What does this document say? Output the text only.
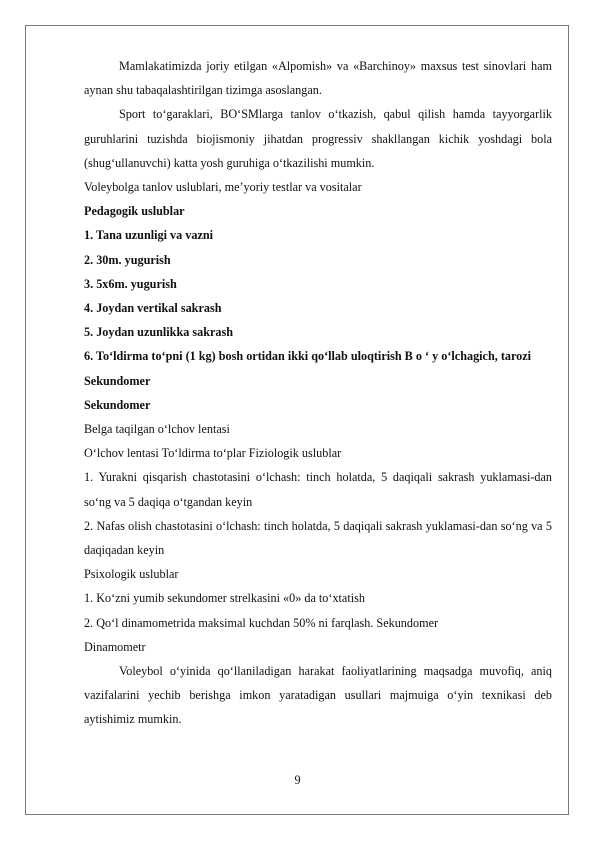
Mamlakatimizda joriy etilgan «Alpomish» va «Barchinoy» maxsus test sinovlari ham aynan shu tabaqalashtirilgan tizimga asoslangan.

Sport to‘garaklari, BO‘SMlarga tanlov o‘tkazish, qabul qilish hamda tayyorgarlik guruhlarini tuzishda biojismoniy jihatdan progressiv shakllangan kichik yoshdagi bola (shug‘ullanuvchi) katta yosh guruhiga o‘tkazilishi mumkin.

Voleybolga tanlov uslublari, me’yoriy testlar va vositalar

Pedagogik uslublar

1. Tana uzunligi va vazni

2. 30m. yugurish

3. 5x6m. yugurish

4. Joydan vertikal sakrash

5. Joydan uzunlikka sakrash

6. To‘ldirma to‘pni (1 kg) bosh ortidan ikki qo‘llab uloqtirish B o ‘ y o‘lchagich, tarozi

Sekundomer

Sekundomer

Belga taqilgan o‘lchov lentasi

O‘lchov lentasi To‘ldirma to‘plar Fiziologik uslublar

1. Yurakni qisqarish chastotasini o‘lchash: tinch holatda, 5 daqiqali sakrash yuklamasi-dan so‘ng va 5 daqiqa o‘tgandan keyin

2. Nafas olish chastotasini o‘lchash: tinch holatda, 5 daqiqali sakrash yuklamasi-dan so‘ng va 5 daqiqadan keyin

Psixologik uslublar

1. Ko‘zni yumib sekundomer strelkasini «0» da to‘xtatish

2. Qo‘l dinamometrida maksimal kuchdan 50% ni farqlash. Sekundomer

Dinamometr

Voleybol o‘yinida qo‘llaniladigan harakat faoliyatlarining maqsadga muvofiq, aniq vazifalarini yechib berishga imkon yaratadigan usullari majmuiga o‘yin texnikasi deb aytishimiz mumkin.

9
